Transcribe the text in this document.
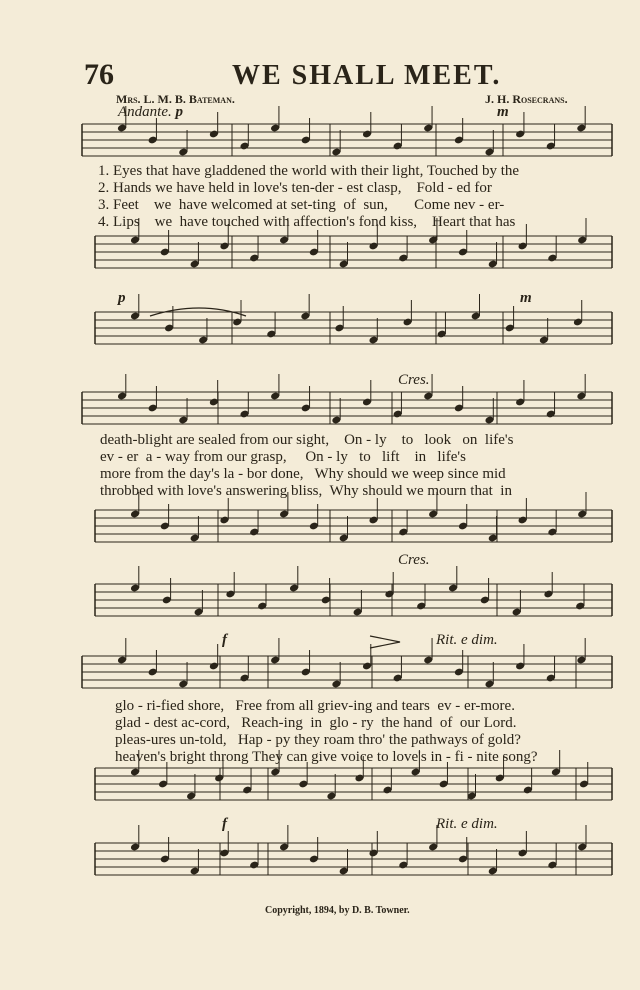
76	WE SHALL MEET.
Mrs. L. M. B. Bateman.	J. H. Rosecrans.
Andante. p	m
p	m
Cres.
Cres.
f	Rit. e dim.
f	Rit. e dim.
1. Eyes that have gladdened the world with their light, Touched by the
2. Hands we have held in love's ten-der - est clasp,    Fold - ed for
3. Feet    we  have welcomed at set-ting  of  sun,       Come nev - er-
4. Lips    we  have touched with affection's fond kiss,    Heart that has
death-blight are sealed from our sight,    On - ly    to   look   on  life's
ev - er  a - way from our grasp,     On - ly   to   lift    in   life's
more from the day's la - bor done,   Why should we weep since mid
throbbed with love's answering bliss,  Why should we mourn that  in
glo - ri-fied shore,   Free from all griev-ing and tears  ev - er-more.
glad - dest ac-cord,   Reach-ing  in  glo - ry  the hand  of  our Lord.
pleas-ures un-told,   Hap - py they roam thro' the pathways of gold?
heaven's bright throng They can give voice to love's in - fi - nite song?
Copyright, 1894, by D. B. Towner.
